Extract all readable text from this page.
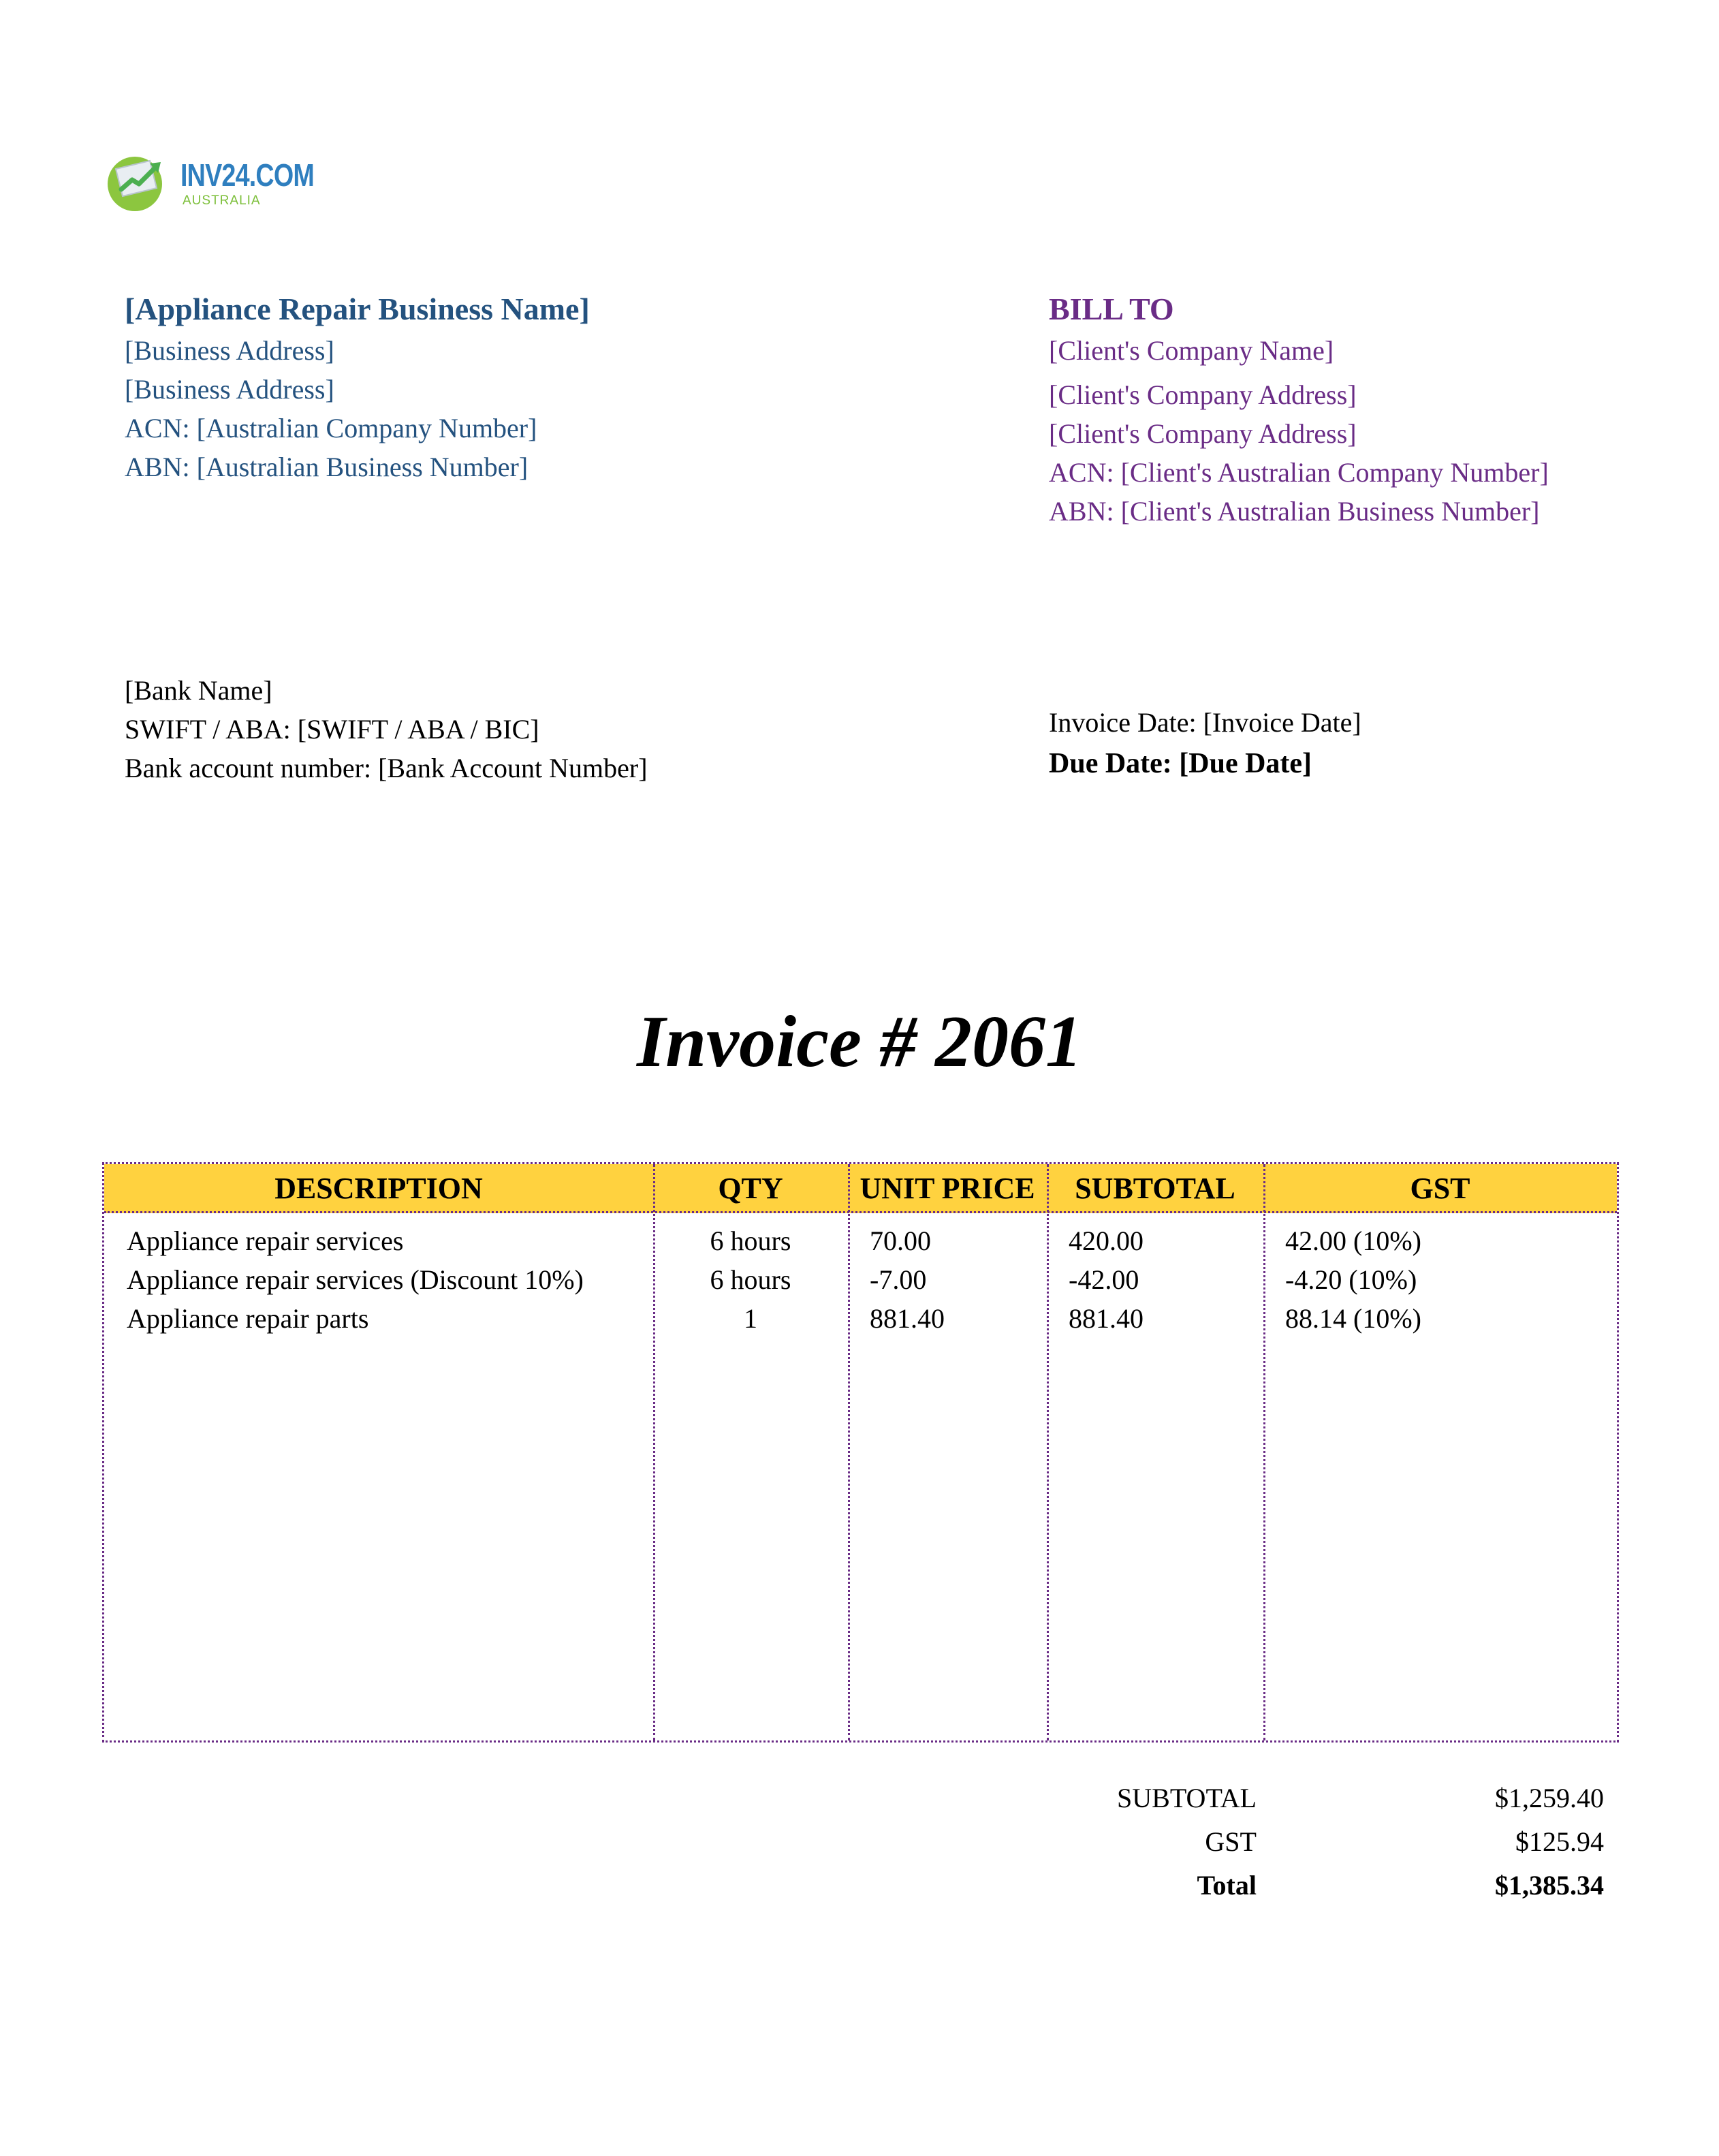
INV24.COM
AUSTRALIA
[Appliance Repair Business Name]
[Business Address]
[Business Address]
ACN: [Australian Company Number]
ABN: [Australian Business Number]
BILL TO
[Client's Company Name]
[Client's Company Address]
[Client's Company Address]
ACN: [Client's Australian Company Number]
ABN: [Client's Australian Business Number]
[Bank Name]
SWIFT / ABA: [SWIFT / ABA / BIC]
Bank account number: [Bank Account Number]
Invoice Date: [Invoice Date]
Due Date: [Due Date]
Invoice # 2061
DESCRIPTION	QTY	UNIT PRICE	SUBTOTAL	GST
Appliance repair services	6 hours	70.00	420.00	42.00 (10%)
Appliance repair services (Discount 10%)	6 hours	-7.00	-42.00	-4.20 (10%)
Appliance repair parts	1	881.40	881.40	88.14 (10%)
SUBTOTAL	$1,259.40
GST	$125.94
Total	$1,385.34
